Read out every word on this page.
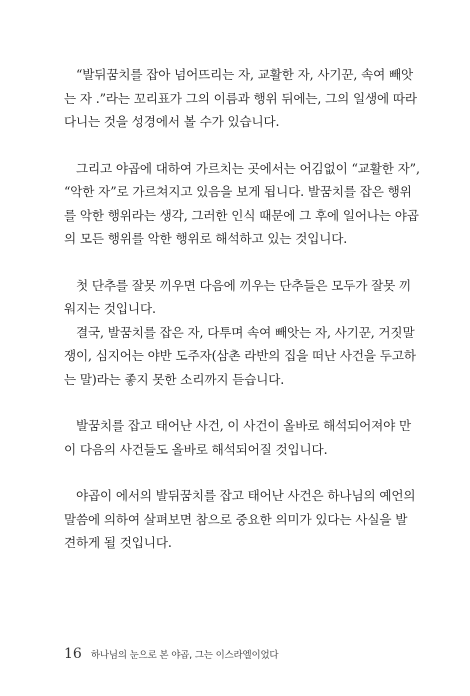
“발뒤꿈치를 잡아 넘어뜨리는 자, 교활한 자, 사기꾼, 속여 빼앗
는 자 .”라는 꼬리표가 그의 이름과 행위 뒤에는, 그의 일생에 따라
다니는 것을 성경에서 볼 수가 있습니다.

그리고 야곱에 대하여 가르치는 곳에서는 어김없이 “교활한 자”,
“악한 자”로 가르쳐지고 있음을 보게 됩니다. 발꿈치를 잡은 행위
를 악한 행위라는 생각, 그러한 인식 때문에 그 후에 일어나는 야곱
의 모든 행위를 악한 행위로 해석하고 있는 것입니다.

첫 단추를 잘못 끼우면 다음에 끼우는 단추들은 모두가 잘못 끼
워지는 것입니다.
결국, 발꿈치를 잡은 자, 다투며 속여 빼앗는 자, 사기꾼, 거짓말
쟁이, 심지어는 야반 도주자(삼촌 라반의 집을 떠난 사건을 두고하
는 말)라는 좋지 못한 소리까지 듣습니다.

발꿈치를 잡고 태어난 사건, 이 사건이 올바로 해석되어져야 만
이 다음의 사건들도 올바로 해석되어질 것입니다.

야곱이 에서의 발뒤꿈치를 잡고 태어난 사건은 하나님의 예언의
말씀에 의하여 살펴보면 참으로 중요한 의미가 있다는 사실을 발
견하게 될 것입니다.

16 하나님의 눈으로 본 야곱, 그는 이스라엘이었다
